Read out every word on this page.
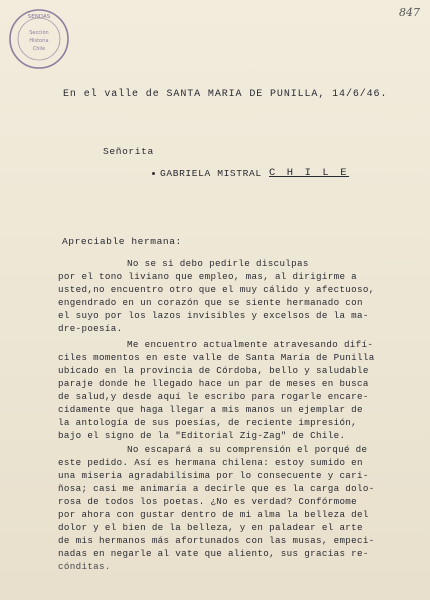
SENDAS
Sección
Historia
Chile
847
En el valle de SANTA MARIA DE PUNILLA, 14/6/46.
Señorita
GABRIELA MISTRAL C H I L E
Apreciable hermana:
No se si debo pedirle disculpas
por el tono liviano que empleo, mas, al dirigirme a
usted,no encuentro otro que el muy cálido y afectuoso,
engendrado en un corazón que se siente hermanado con
el suyo por los lazos invisibles y excelsos de la ma-
dre-poesía.
Me encuentro actualmente atravesando difí-
ciles momentos en este valle de Santa María de Punilla
ubicado en la provincia de Córdoba, bello y saludable
paraje donde he llegado hace un par de meses en busca
de salud,y desde aquí le escribo para rogarle encare-
cidamente que haga llegar a mis manos un ejemplar de
la antología de sus poesías, de reciente impresión,
bajo el signo de la "Editorial Zig-Zag" de Chile.
No escapará a su comprensión el porqué de
este pedido. Así es hermana chilena: estoy sumido en
una miseria agradabilísima por lo consecuente y cari-
ñosa; casi me animaría a decirle que es la carga dolo-
rosa de todos los poetas. ¿No es verdad? Confórmome
por ahora con gustar dentro de mi alma la belleza del
dolor y el bien de la belleza, y en paladear el arte
de mis hermanos más afortunados con las musas, empeci-
nadas en negarle al vate que aliento, sus gracias re-
cónditas.
